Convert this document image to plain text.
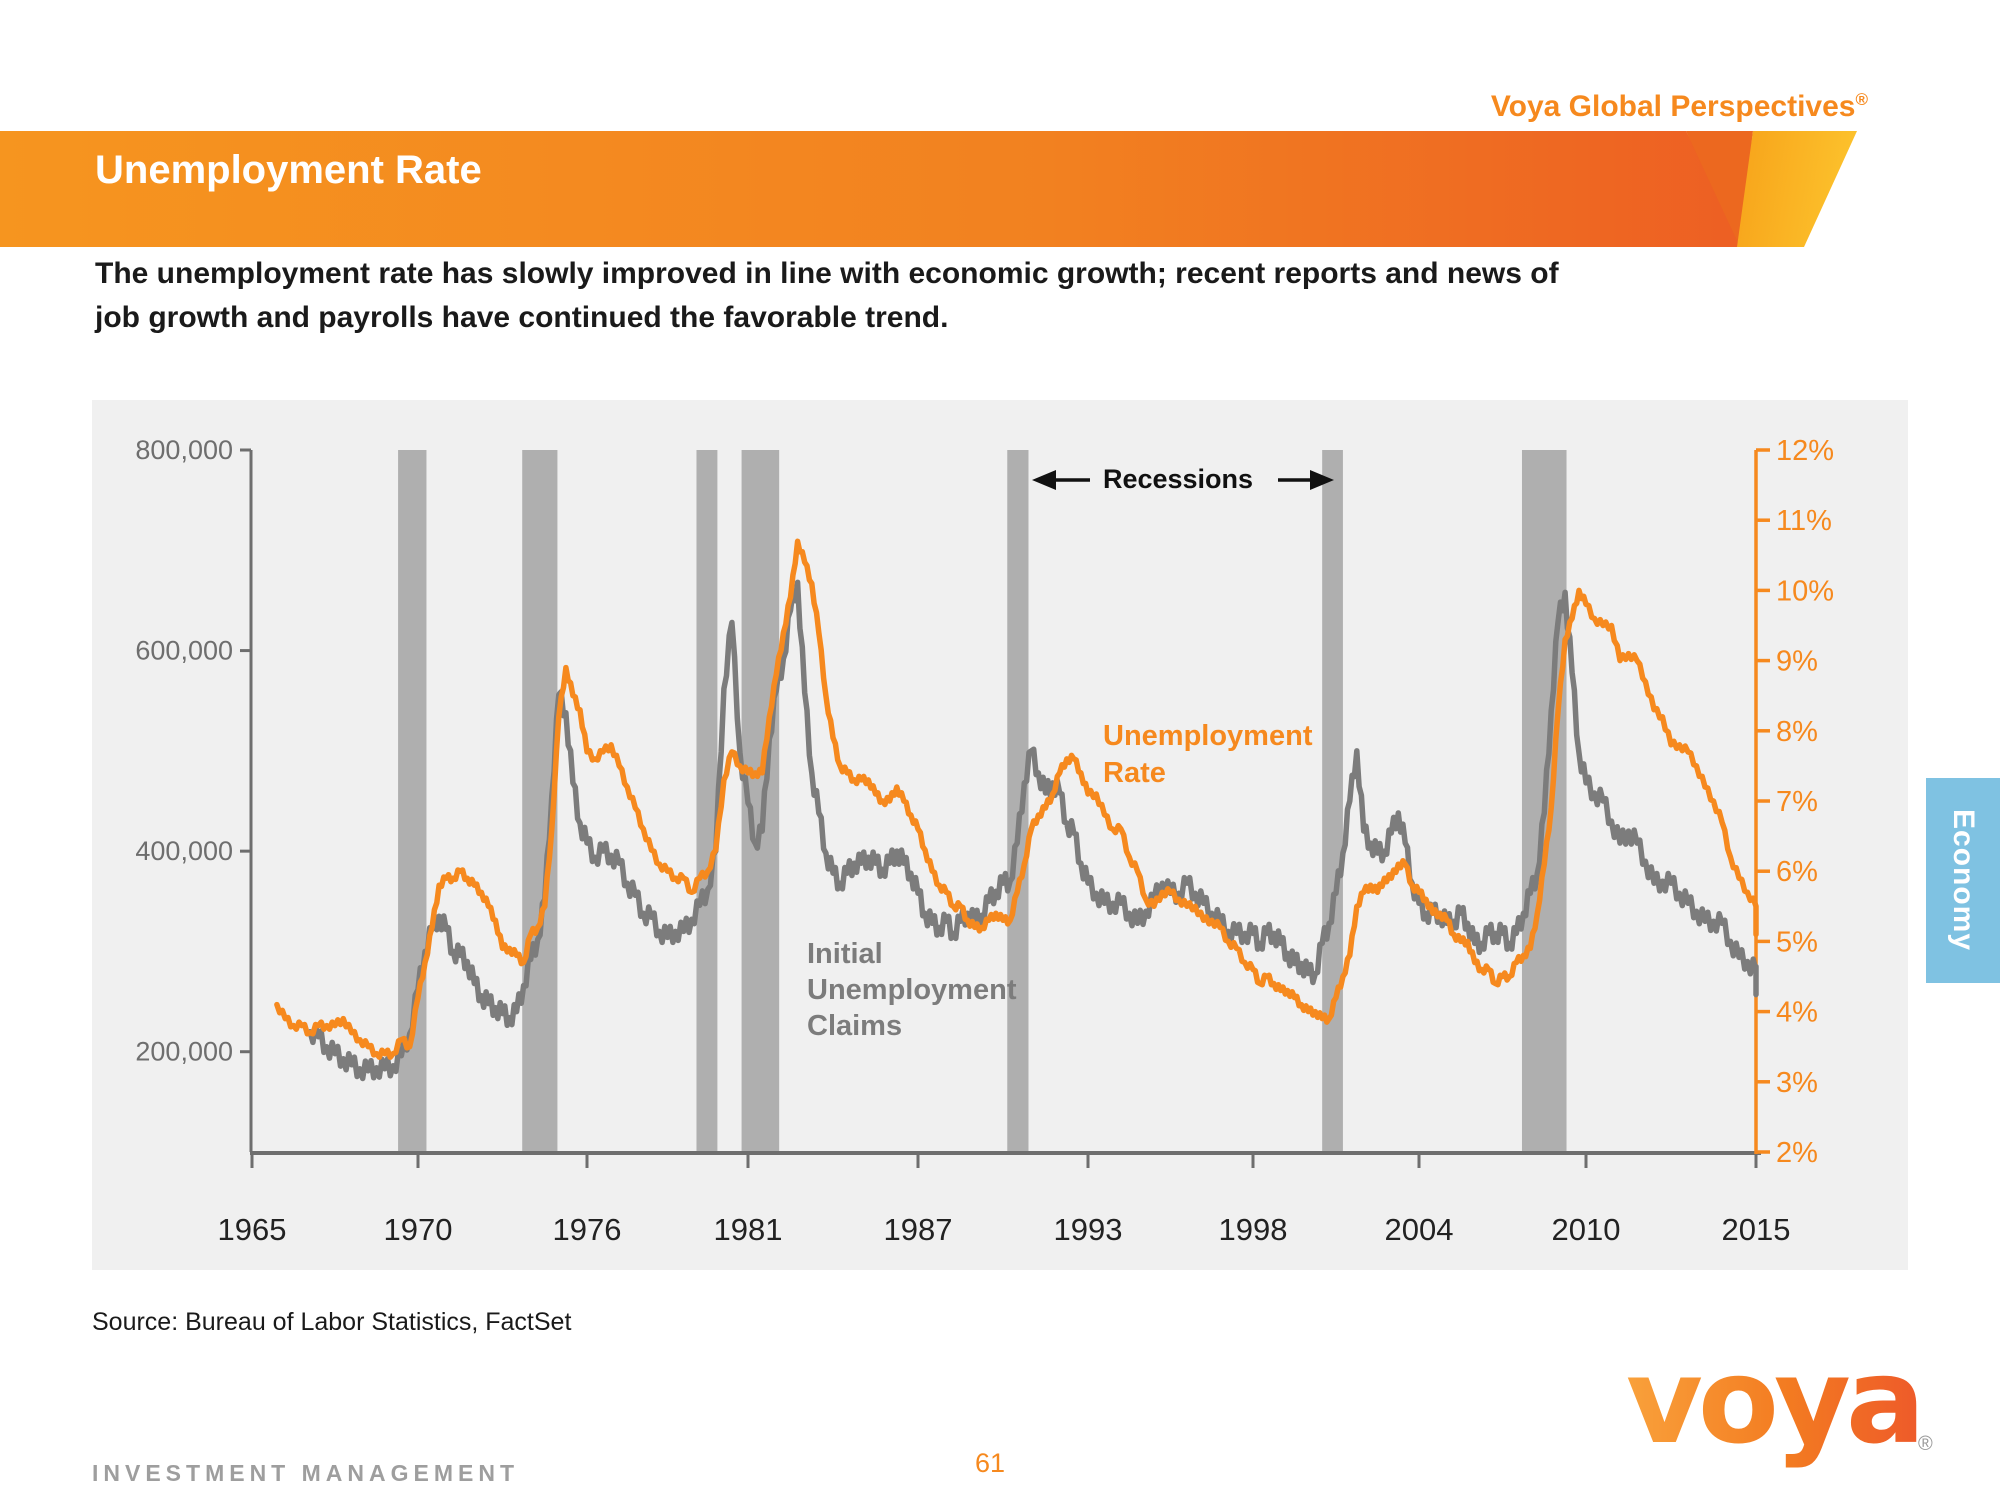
Voya Global Perspectives®
Unemployment Rate
The unemployment rate has slowly improved in line with economic growth; recent reports and news of
job growth and payrolls have continued the favorable trend.
800,000
600,000
400,000
200,000
1965	1970	1976	1981	1987	1993	1998	2004	2010	2015
12%
11%
10%
9%
8%
7%
6%
5%
4%
3%
2%
Recessions
Unemployment
Rate
Initial
Unemployment
Claims
Economy
Source: Bureau of Labor Statistics, FactSet
INVESTMENT MANAGEMENT	61	voya
®
